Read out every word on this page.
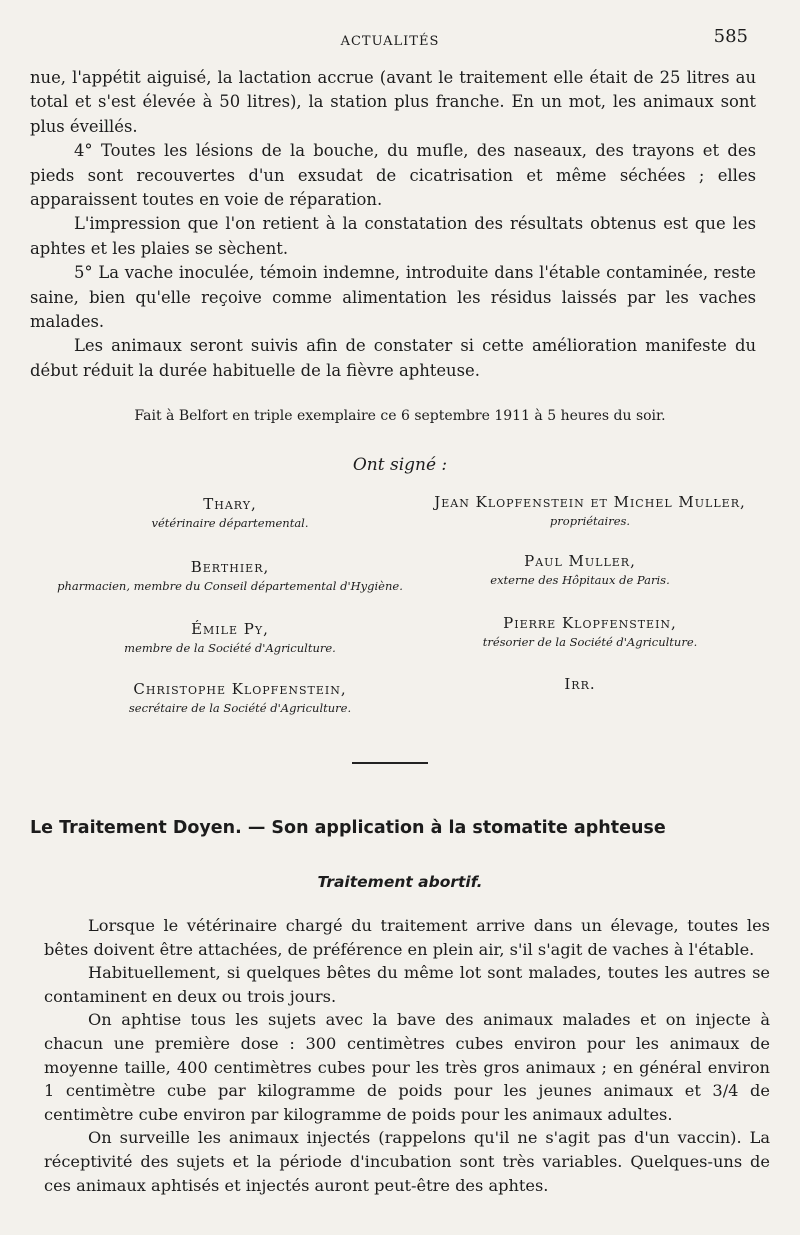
ACTUALITÉS	585

nue, l'appétit aiguisé, la lactation accrue (avant le traitement elle était de 25 litres au total et s'est élevée à 50 litres), la station plus franche. En un mot, les animaux sont plus éveillés.

4° Toutes les lésions de la bouche, du mufle, des naseaux, des trayons et des pieds sont recouvertes d'un exsudat de cicatrisation et même séchées ; elles apparaissent toutes en voie de réparation.

L'impression que l'on retient à la constatation des résultats obtenus est que les aphtes et les plaies se sèchent.

5° La vache inoculée, témoin indemne, introduite dans l'étable contaminée, reste saine, bien qu'elle reçoive comme alimentation les résidus laissés par les vaches malades.

Les animaux seront suivis afin de constater si cette amélioration manifeste du début réduit la durée habituelle de la fièvre aphteuse.

Fait à Belfort en triple exemplaire ce 6 septembre 1911 à 5 heures du soir.
Ont signé :
Thary,
vétérinaire départemental.
Berthier,
pharmacien, membre du Conseil départemental d'Hygiène.
Émile Py,
membre de la Société d'Agriculture.
Christophe Klopfenstein,
secrétaire de la Société d'Agriculture.
Jean Klopfenstein et Michel Muller,
propriétaires.
Paul Muller,
externe des Hôpitaux de Paris.
Pierre Klopfenstein,
trésorier de la Société d'Agriculture.
Irr.
Le Traitement Doyen. — Son application à la stomatite aphteuse
Traitement abortif.

Lorsque le vétérinaire chargé du traitement arrive dans un élevage, toutes les bêtes doivent être attachées, de préférence en plein air, s'il s'agit de vaches à l'étable.

Habituellement, si quelques bêtes du même lot sont malades, toutes les autres se contaminent en deux ou trois jours.

On aphtise tous les sujets avec la bave des animaux malades et on injecte à chacun une première dose : 300 centimètres cubes environ pour les animaux de moyenne taille, 400 centimètres cubes pour les très gros animaux ; en général environ 1 centimètre cube par kilogramme de poids pour les jeunes animaux et 3/4 de centimètre cube environ par kilogramme de poids pour les animaux adultes.

On surveille les animaux injectés (rappelons qu'il ne s'agit pas d'un vaccin). La réceptivité des sujets et la période d'incubation sont très variables. Quelques-uns de ces animaux aphtisés et injectés auront peut-être des aphtes.
